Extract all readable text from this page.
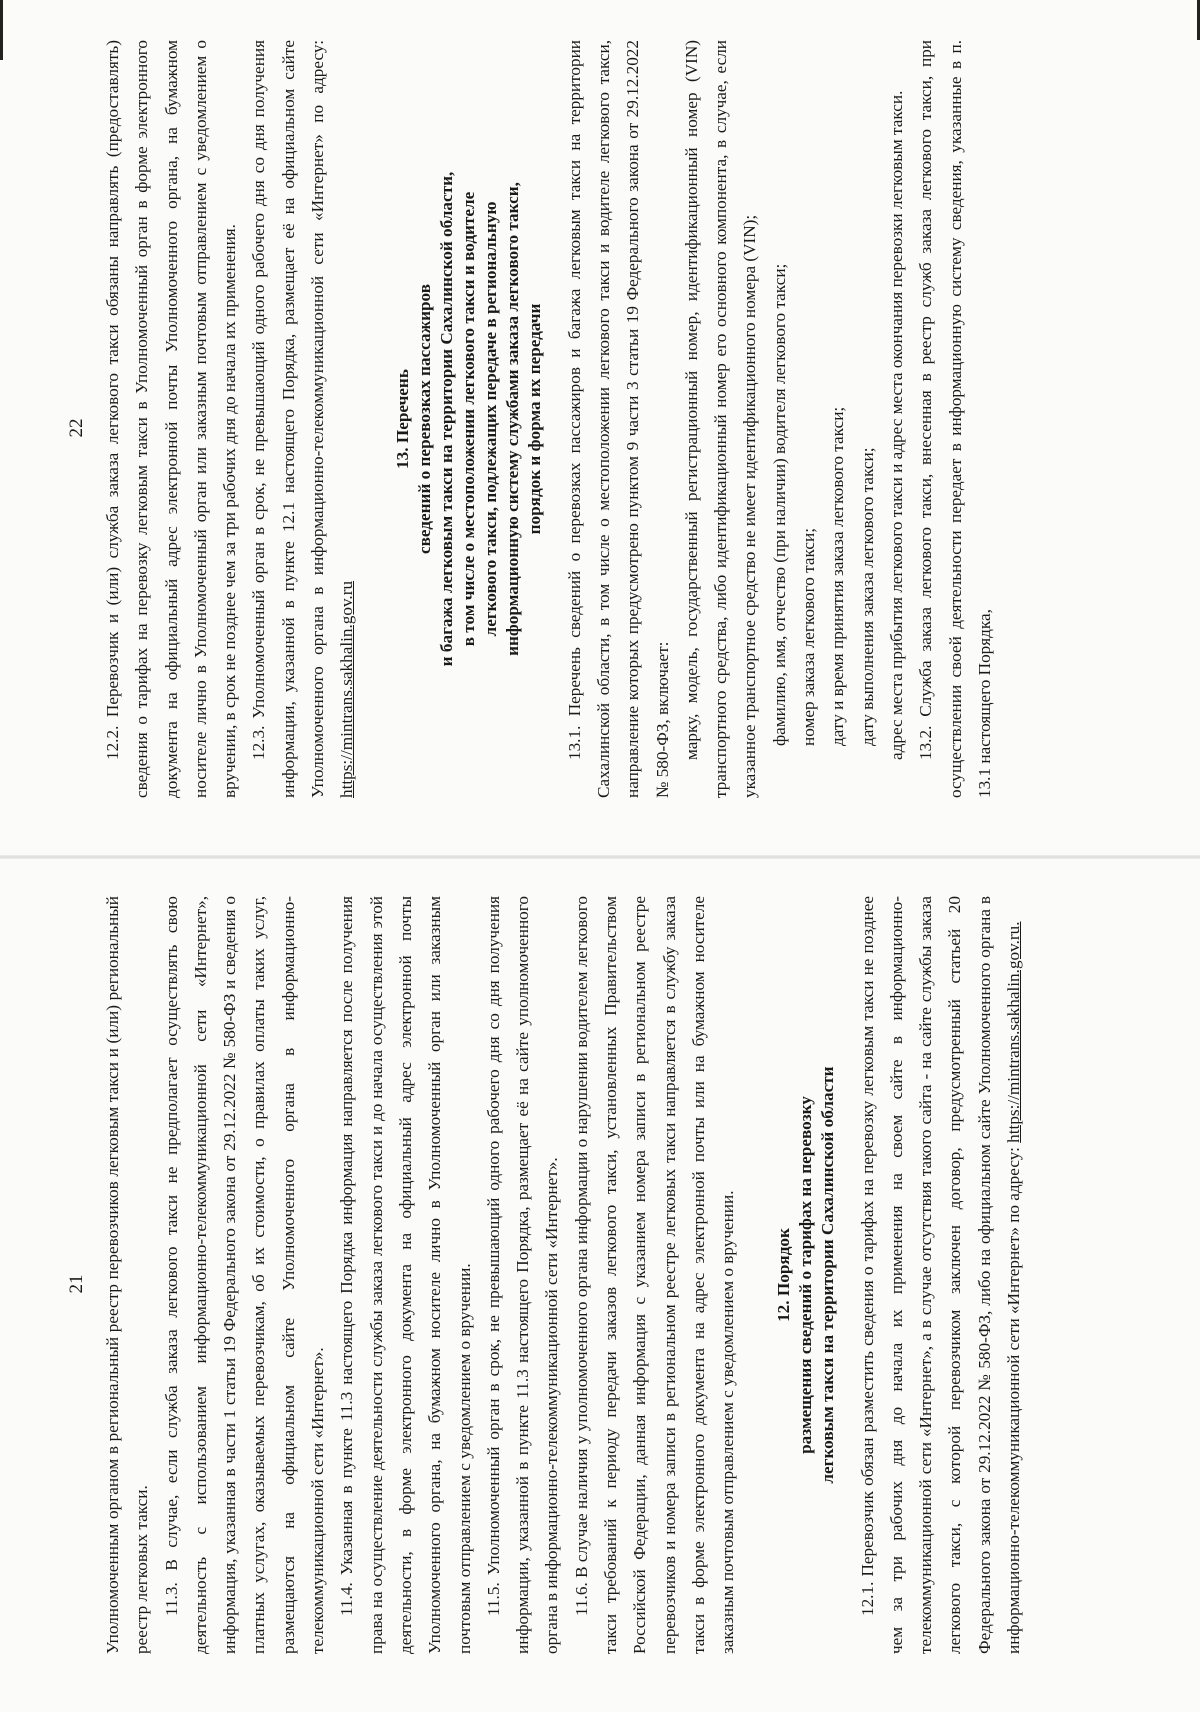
21 Уполномоченным органом в региональный реестр перевозчиков легковым такси и (или) региональный реестр легковых такси. 11.3. В случае, если служба заказа легкового такси не предполагает осуществлять свою деятельность с использованием информационно-телекоммуникационной сети «Интернет», информация, указанная в части 1 статьи 19 Федерального закона от 29.12.2022 № 580-ФЗ и сведения о платных услугах, оказываемых перевозчикам, об их стоимости, о правилах оплаты таких услуг, размещаются на официальном сайте Уполномоченного органа в информационно-телекоммуникационной сети «Интернет». 11.4. Указанная в пункте 11.3 настоящего Порядка информация направляется после получения права на осуществление деятельности службы заказа легкового такси и до начала осуществления этой деятельности, в форме электронного документа на официальный адрес электронной почты Уполномоченного органа, на бумажном носителе лично в Уполномоченный орган или заказным почтовым отправлением с уведомлением о вручении. 11.5. Уполномоченный орган в срок, не превышающий одного рабочего дня со дня получения информации, указанной в пункте 11.3 настоящего Порядка, размещает её на сайте уполномоченного органа в информационно-телекоммуникационной сети «Интернет». 11.6. В случае наличия у уполномоченного органа информации о нарушении водителем легкового такси требований к периоду передачи заказов легкового такси, установленных Правительством Российской Федерации, данная информация с указанием номера записи в региональном реестре перевозчиков и номера записи в региональном реестре легковых такси направляется в службу заказа такси в форме электронного документа на адрес электронной почты или на бумажном носителе заказным почтовым отправлением с уведомлением о вручении.	12. Порядок размещения сведений о тарифах на перевозку легковым такси на территории Сахалинской области 12.1. Перевозчик обязан разместить сведения о тарифах на перевозку легковым такси не позднее чем за три рабочих дня до начала их применения на своем сайте в информационно-телекоммуникационной сети «Интернет», а в случае отсутствия такого сайта - на сайте службы заказа легкового такси, с которой перевозчиком заключен договор, предусмотренный статьей 20 Федерального закона от 29.12.2022 № 580-ФЗ, либо на официальном сайте Уполномоченного органа в информационно-телекоммуникационной сети «Интернет» по адресу: https://mintrans.sakhalin.gov.ru.

22 12.2. Перевозчик и (или) служба заказа легкового такси обязаны направлять (предоставлять) сведения о тарифах на перевозку легковым такси в Уполномоченный орган в форме электронного документа на официальный адрес электронной почты Уполномоченного органа, на бумажном носителе лично в Уполномоченный орган или заказным почтовым отправлением с уведомлением о вручении, в срок не позднее чем за три рабочих дня до начала их применения. 12.3. Уполномоченный орган в срок, не превышающий одного рабочего дня со дня получения информации, указанной в пункте 12.1 настоящего Порядка, размещает её на официальном сайте Уполномоченного органа в информационно-телекоммуникационной сети «Интернет» по адресу: https://mintrans.sakhalin.gov.ru

13. Перечень сведений о перевозках пассажиров и багажа легковым такси на территории Сахалинской области, в том числе о местоположении легкового такси и водителе легкового такси, подлежащих передаче в региональную информационную систему службами заказа легкового такси, порядок и форма их передачи 13.1. Перечень сведений о перевозках пассажиров и багажа легковым такси на территории Сахалинской области, в том числе о местоположении легкового такси и водителе легкового такси, направление которых предусмотрено пунктом 9 части 3 статьи 19 Федерального закона от 29.12.2022 № 580-ФЗ, включает: марку, модель, государственный регистрационный номер, идентификационный номер (VIN) транспортного средства, либо идентификационный номер его основного компонента, в случае, если указанное транспортное средство не имеет идентификационного номера (VIN); фамилию, имя, отчество (при наличии) водителя легкового такси; номер заказа легкового такси; дату и время принятия заказа легкового такси; дату выполнения заказа легкового такси; адрес места прибытия легкового такси и адрес места окончания перевозки легковым такси. 13.2. Служба заказа легкового такси, внесенная в реестр служб заказа легкового такси, при осуществлении своей деятельности передает в информационную систему сведения, указанные в п. 13.1 настоящего Порядка,
